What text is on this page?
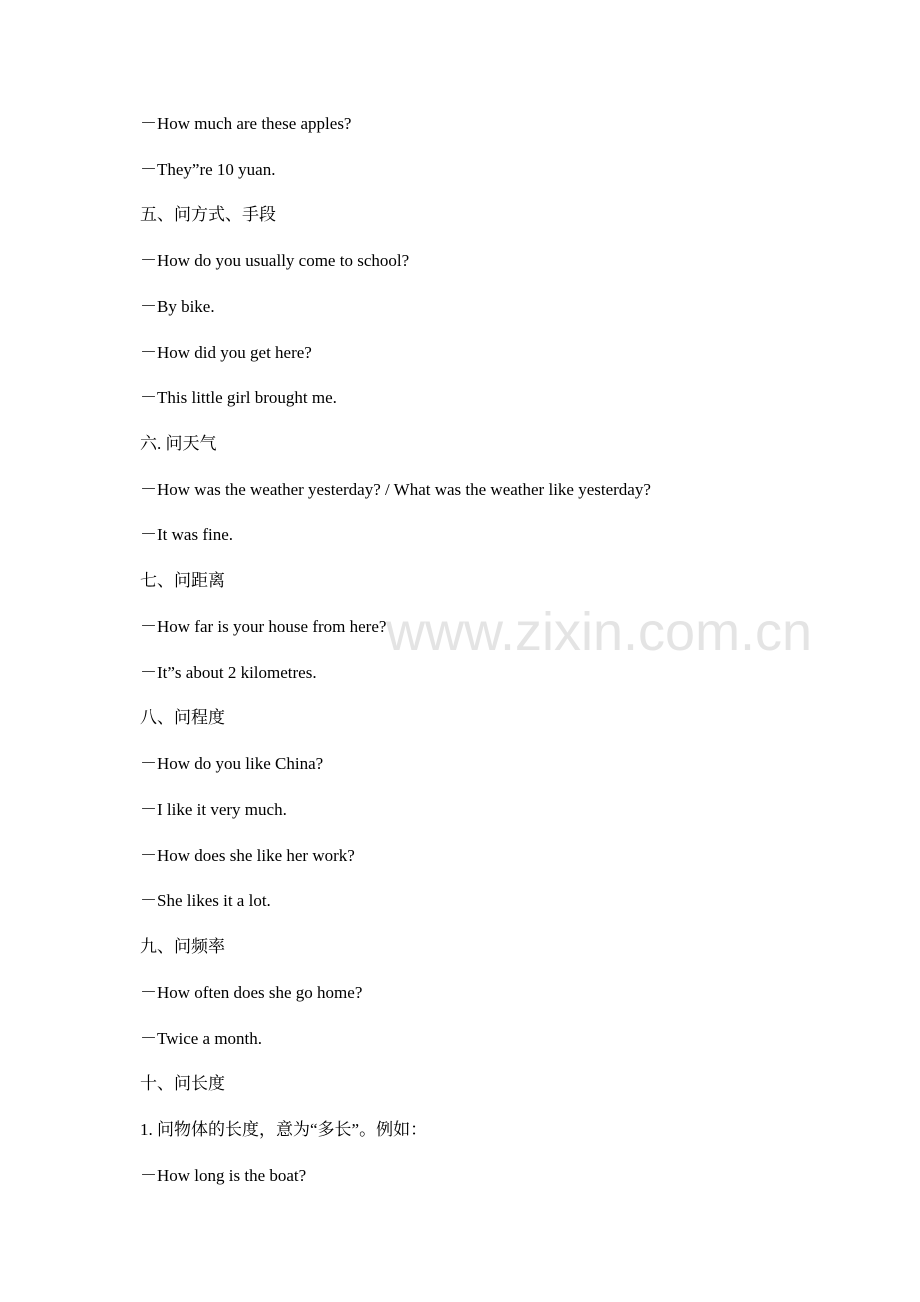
www.zixin.com.cn
－How much are these apples?
－They”re 10 yuan.
五、问方式、手段
－How do you usually come to school?
－By bike.
－How did you get here?
－This little girl brought me.
六. 问天气
－How was the weather yesterday? / What was the weather like yesterday?
－It was fine.
七、问距离
－How far is your house from here?
－It”s about 2 kilometres.
八、问程度
－How do you like China?
－I like it very much.
－How does she like her work?
－She likes it a lot.
九、问频率
－How often does she go home?
－Twice a month.
十、问长度
1. 问物体的长度，意为“多长”。例如：
－How long is the boat?
